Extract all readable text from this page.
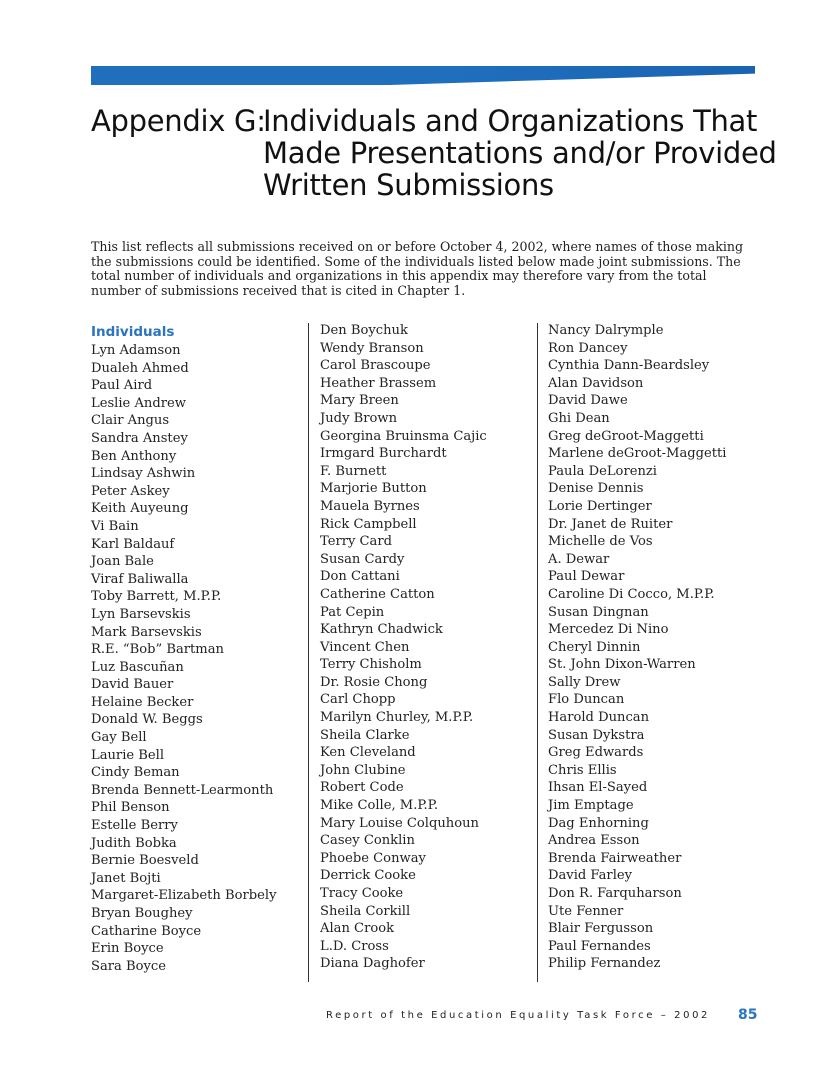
Appendix G:
Individuals and Organizations That
Made Presentations and/or Provided
Written Submissions
This list reflects all submissions received on or before October 4, 2002, where names of those making the submissions could be identified. Some of the individuals listed below made joint submissions. The total number of individuals and organizations in this appendix may therefore vary from the total number of submissions received that is cited in Chapter 1.
Individuals
Lyn Adamson
Dualeh Ahmed
Paul Aird
Leslie Andrew
Clair Angus
Sandra Anstey
Ben Anthony
Lindsay Ashwin
Peter Askey
Keith Auyeung
Vi Bain
Karl Baldauf
Joan Bale
Viraf Baliwalla
Toby Barrett, M.P.P.
Lyn Barsevskis
Mark Barsevskis
R.E. “Bob” Bartman
Luz Bascuñan
David Bauer
Helaine Becker
Donald W. Beggs
Gay Bell
Laurie Bell
Cindy Beman
Brenda Bennett-Learmonth
Phil Benson
Estelle Berry
Judith Bobka
Bernie Boesveld
Janet Bojti
Margaret-Elizabeth Borbely
Bryan Boughey
Catharine Boyce
Erin Boyce
Sara Boyce
Den Boychuk
Wendy Branson
Carol Brascoupe
Heather Brassem
Mary Breen
Judy Brown
Georgina Bruinsma Cajic
Irmgard Burchardt
F. Burnett
Marjorie Button
Mauela Byrnes
Rick Campbell
Terry Card
Susan Cardy
Don Cattani
Catherine Catton
Pat Cepin
Kathryn Chadwick
Vincent Chen
Terry Chisholm
Dr. Rosie Chong
Carl Chopp
Marilyn Churley, M.P.P.
Sheila Clarke
Ken Cleveland
John Clubine
Robert Code
Mike Colle, M.P.P.
Mary Louise Colquhoun
Casey Conklin
Phoebe Conway
Derrick Cooke
Tracy Cooke
Sheila Corkill
Alan Crook
L.D. Cross
Diana Daghofer
Nancy Dalrymple
Ron Dancey
Cynthia Dann-Beardsley
Alan Davidson
David Dawe
Ghi Dean
Greg deGroot-Maggetti
Marlene deGroot-Maggetti
Paula DeLorenzi
Denise Dennis
Lorie Dertinger
Dr. Janet de Ruiter
Michelle de Vos
A. Dewar
Paul Dewar
Caroline Di Cocco, M.P.P.
Susan Dingnan
Mercedez Di Nino
Cheryl Dinnin
St. John Dixon-Warren
Sally Drew
Flo Duncan
Harold Duncan
Susan Dykstra
Greg Edwards
Chris Ellis
Ihsan El-Sayed
Jim Emptage
Dag Enhorning
Andrea Esson
Brenda Fairweather
David Farley
Don R. Farquharson
Ute Fenner
Blair Fergusson
Paul Fernandes
Philip Fernandez
Report of the Education Equality Task Force – 2002 85
